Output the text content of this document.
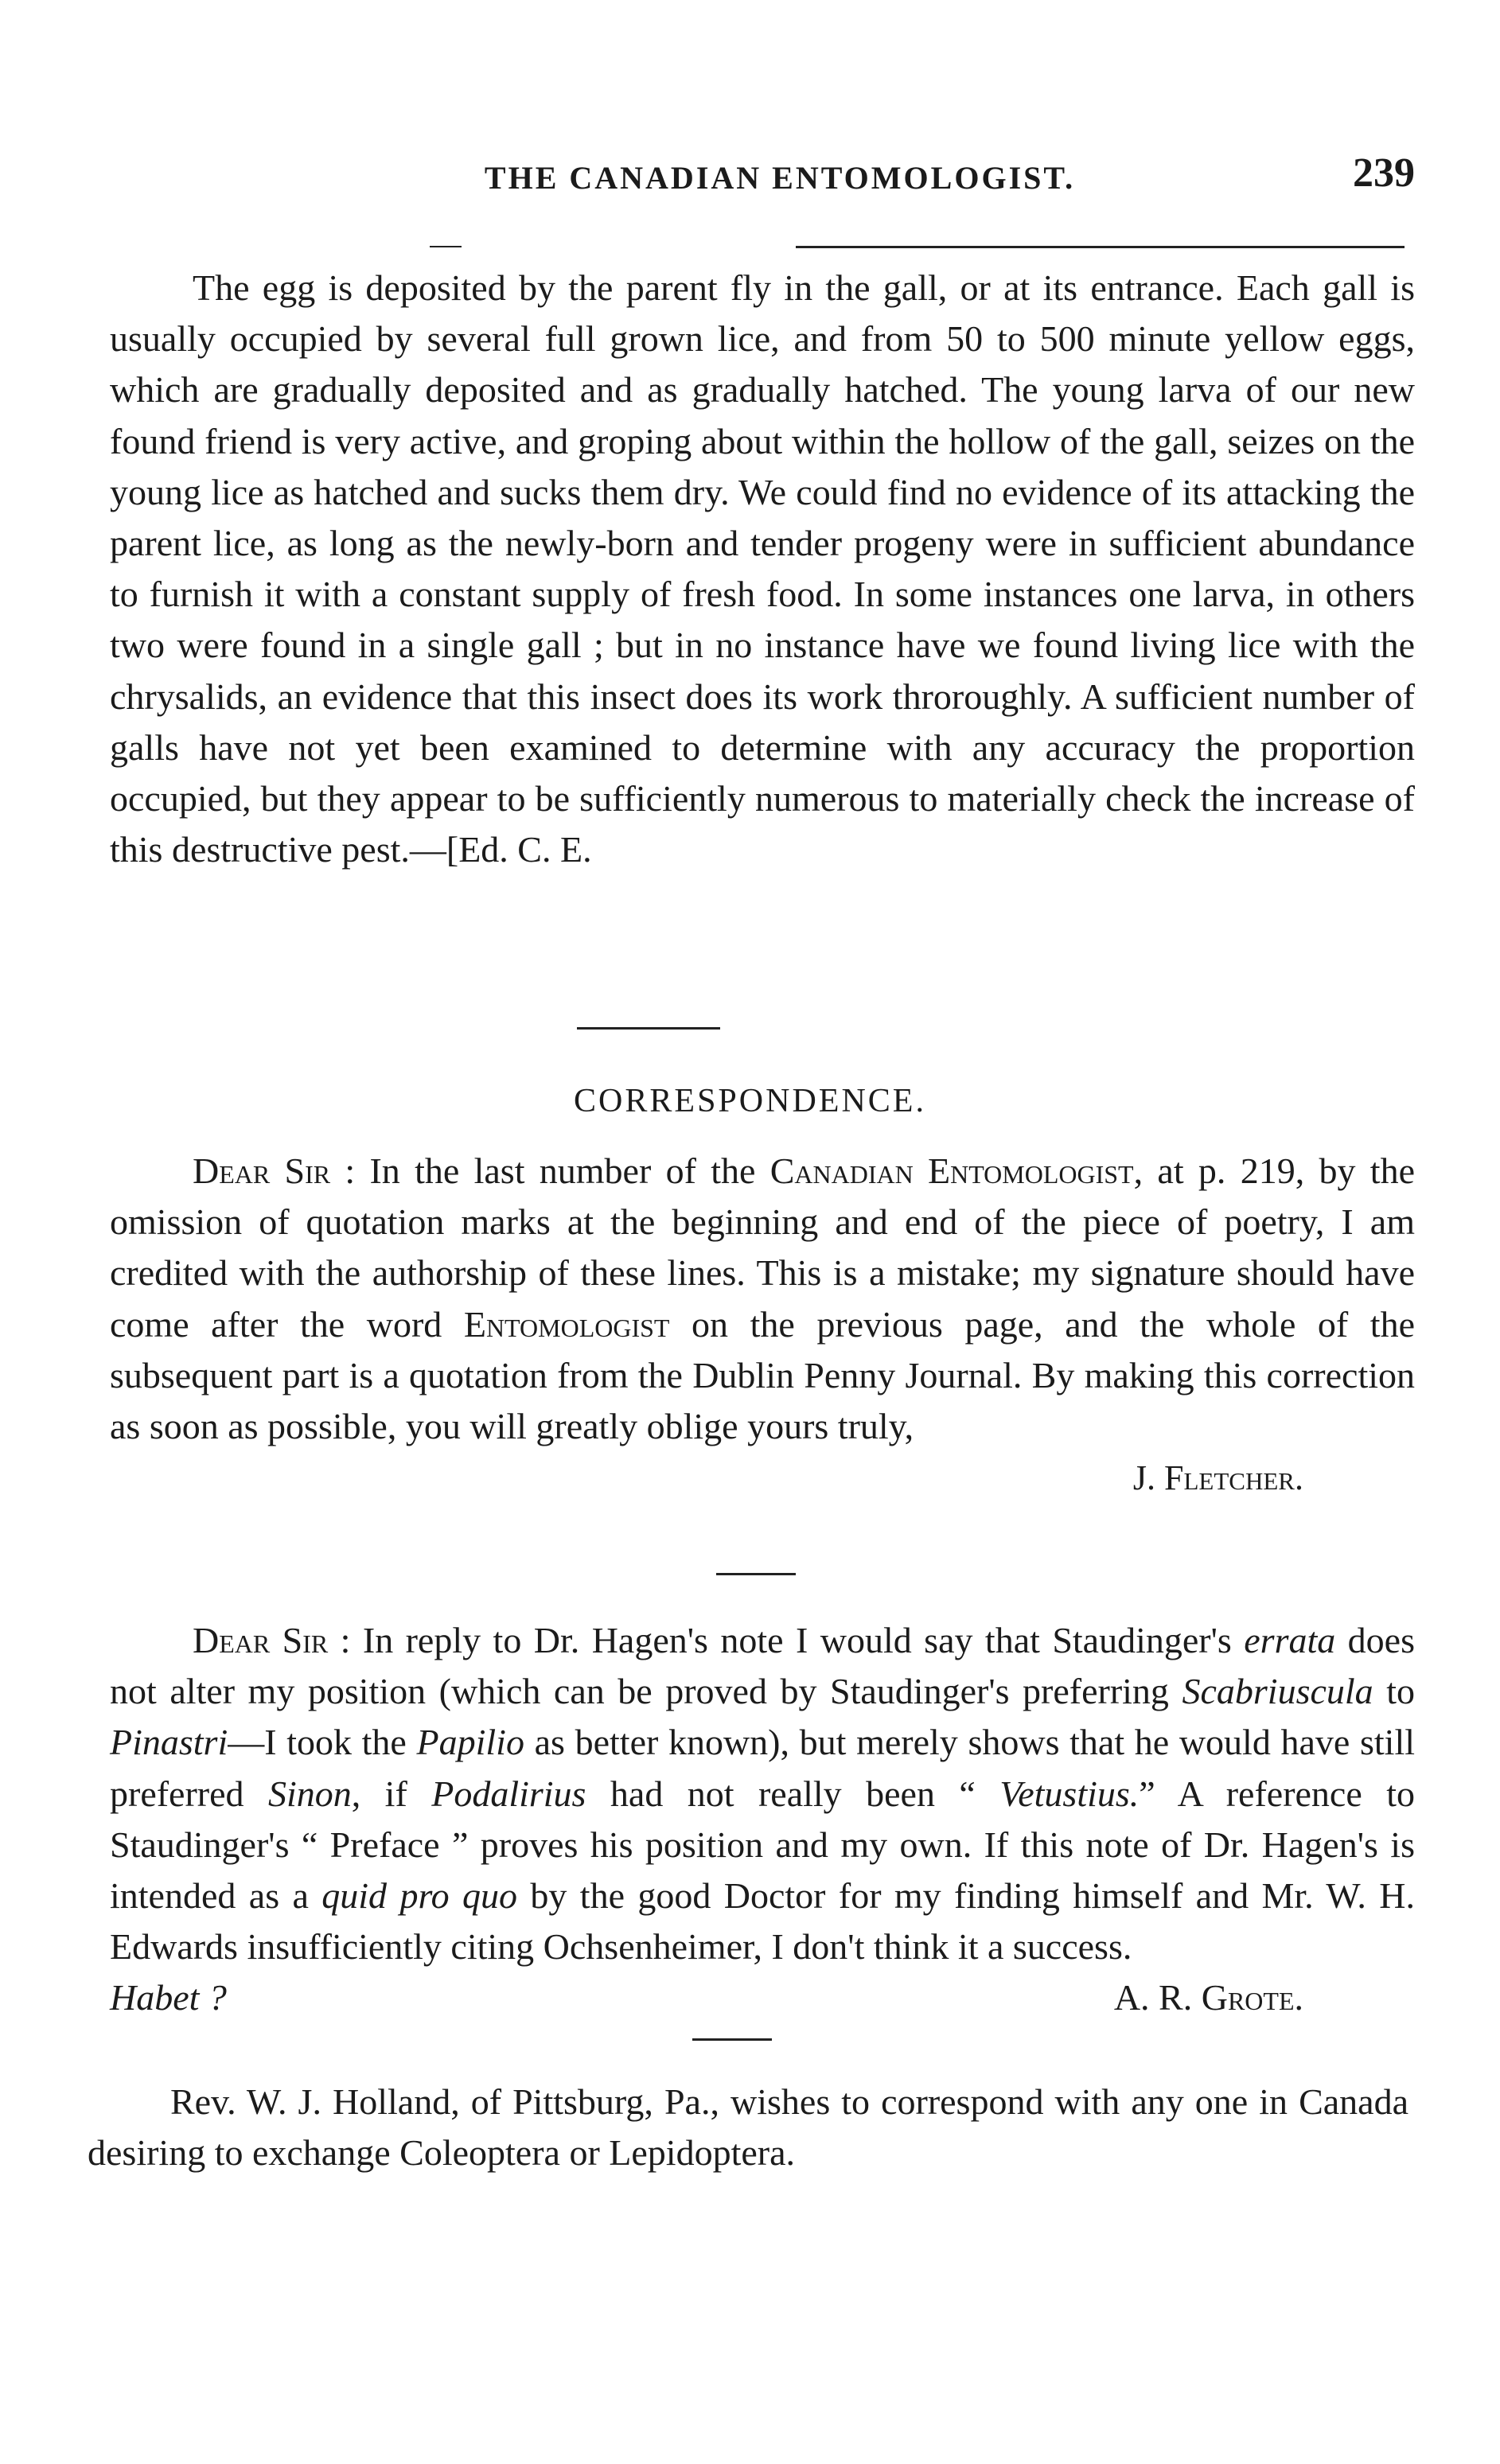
THE CANADIAN ENTOMOLOGIST.	239

The egg is deposited by the parent fly in the gall, or at its entrance. Each gall is usually occupied by several full grown lice, and from 50 to 500 minute yellow eggs, which are gradually deposited and as gradually hatched. The young larva of our new found friend is very active, and groping about within the hollow of the gall, seizes on the young lice as hatched and sucks them dry. We could find no evidence of its attacking the parent lice, as long as the newly-born and tender progeny were in sufficient abundance to furnish it with a constant supply of fresh food. In some instances one larva, in others two were found in a single gall ; but in no instance have we found living lice with the chrysalids, an evidence that this insect does its work throroughly. A sufficient number of galls have not yet been examined to determine with any accuracy the proportion occupied, but they appear to be sufficiently numerous to materially check the increase of this destructive pest.—[Ed. C. E.

CORRESPONDENCE.

Dear Sir : In the last number of the Canadian Entomologist, at p. 219, by the omission of quotation marks at the beginning and end of the piece of poetry, I am credited with the authorship of these lines. This is a mistake; my signature should have come after the word Entomologist on the previous page, and the whole of the subsequent part is a quotation from the Dublin Penny Journal. By making this correction as soon as possible, you will greatly oblige yours truly,

J. Fletcher.

Dear Sir : In reply to Dr. Hagen's note I would say that Staudinger's errata does not alter my position (which can be proved by Staudinger's preferring Scabriuscula to Pinastri—I took the Papilio as better known), but merely shows that he would have still preferred Sinon, if Podalirius had not really been “ Vetustius.” A reference to Staudinger's “ Preface ” proves his position and my own. If this note of Dr. Hagen's is intended as a quid pro quo by the good Doctor for my finding himself and Mr. W. H. Edwards insufficiently citing Ochsenheimer, I don't think it a success.

Habet ?	A. R. Grote.

Rev. W. J. Holland, of Pittsburg, Pa., wishes to correspond with any one in Canada desiring to exchange Coleoptera or Lepidoptera.
